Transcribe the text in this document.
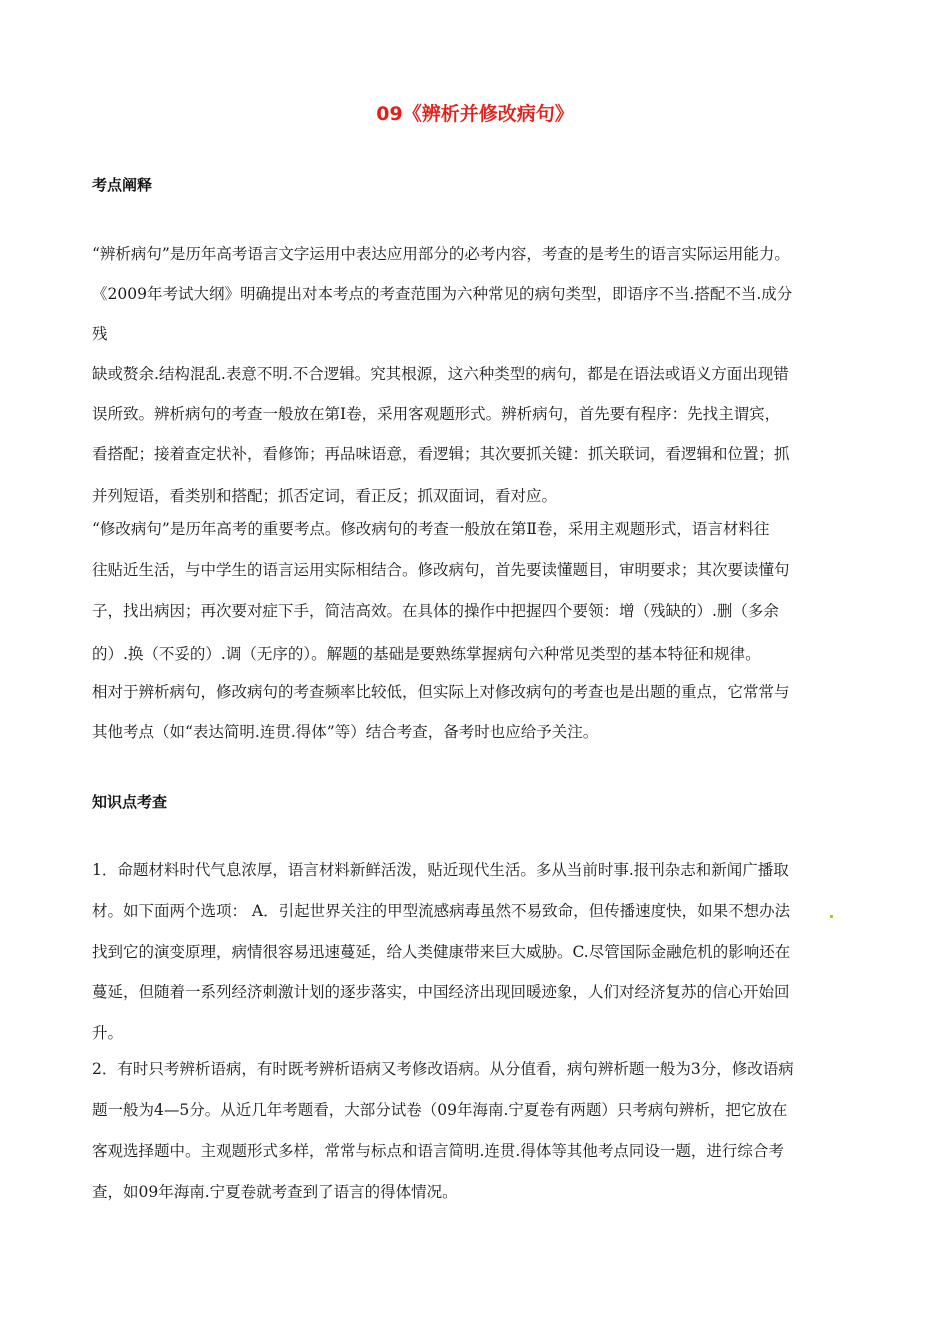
09《辨析并修改病句》
考点阐释
“辨析病句”是历年高考语言文字运用中表达应用部分的必考内容，考查的是考生的语言实际运用能力。
《2009年考试大纲》明确提出对本考点的考查范围为六种常见的病句类型，即语序不当.搭配不当.成分
残
缺或赘余.结构混乱.表意不明.不合逻辑。究其根源，这六种类型的病句，都是在语法或语义方面出现错
误所致。辨析病句的考查一般放在第Ⅰ卷，采用客观题形式。辨析病句，首先要有程序：先找主谓宾，
看搭配；接着查定状补，看修饰；再品味语意，看逻辑；其次要抓关键：抓关联词，看逻辑和位置；抓
并列短语，看类别和搭配；抓否定词，看正反；抓双面词，看对应。
“修改病句”是历年高考的重要考点。修改病句的考查一般放在第Ⅱ卷，采用主观题形式，语言材料往
往贴近生活，与中学生的语言运用实际相结合。修改病句，首先要读懂题目，审明要求；其次要读懂句
子，找出病因；再次要对症下手，简洁高效。在具体的操作中把握四个要领：增（残缺的）.删（多余
的）.换（不妥的）.调（无序的）。解题的基础是要熟练掌握病句六种常见类型的基本特征和规律。
相对于辨析病句，修改病句的考查频率比较低，但实际上对修改病句的考查也是出题的重点，它常常与
其他考点（如“表达简明.连贯.得体”等）结合考查，备考时也应给予关注。
知识点考查
1．命题材料时代气息浓厚，语言材料新鲜活泼，贴近现代生活。多从当前时事.报刊杂志和新闻广播取
材。如下面两个选项： A．引起世界关注的甲型流感病毒虽然不易致命，但传播速度快，如果不想办法
找到它的演变原理，病情很容易迅速蔓延，给人类健康带来巨大威胁。C.尽管国际金融危机的影响还在
蔓延，但随着一系列经济刺激计划的逐步落实，中国经济出现回暖迹象，人们对经济复苏的信心开始回
升。
2．有时只考辨析语病，有时既考辨析语病又考修改语病。从分值看，病句辨析题一般为3分，修改语病
题一般为4—5分。从近几年考题看，大部分试卷（09年海南.宁夏卷有两题）只考病句辨析，把它放在
客观选择题中。主观题形式多样，常常与标点和语言简明.连贯.得体等其他考点同设一题，进行综合考
查，如09年海南.宁夏卷就考查到了语言的得体情况。
